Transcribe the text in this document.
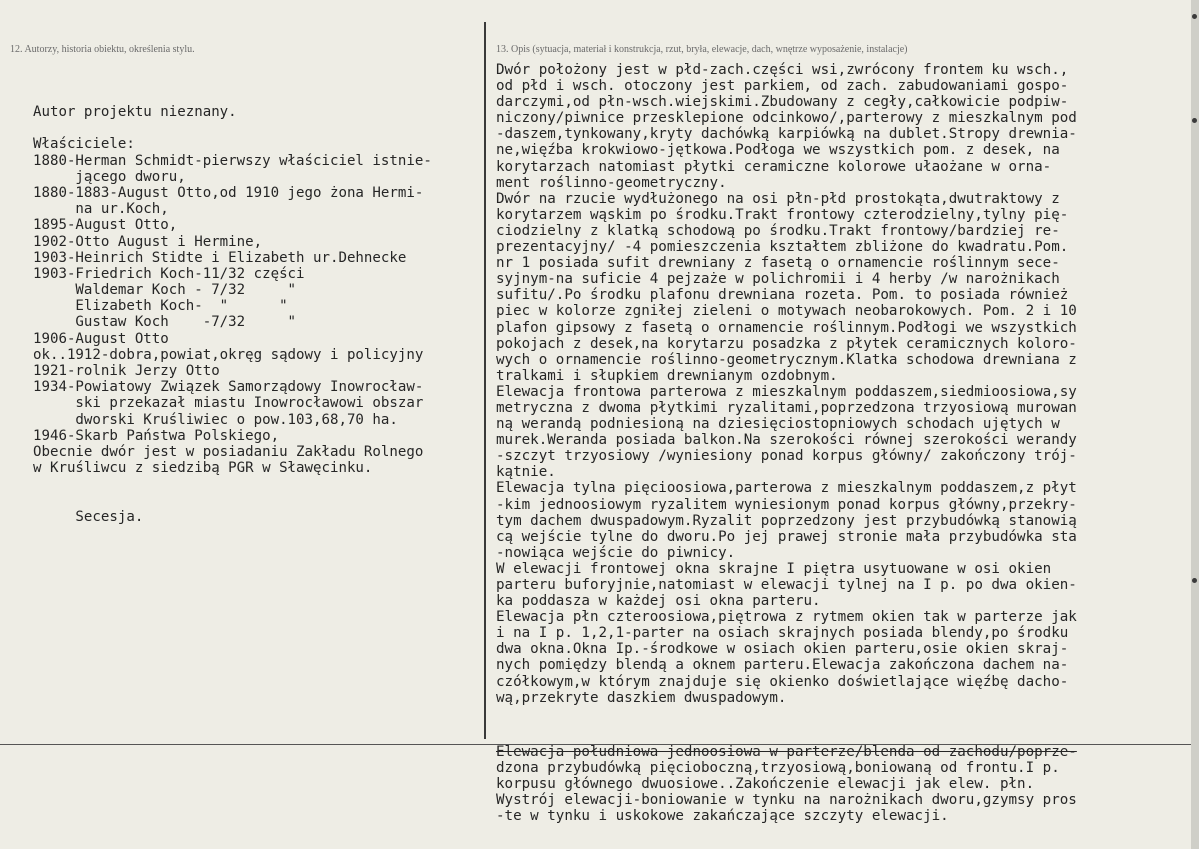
12. Autorzy, historia obiektu, określenia stylu.	13. Opis (sytuacja, materiał i konstrukcja, rzut, bryła, elewacje, dach, wnętrze wyposażenie, instalacje)
Autor projektu nieznany.

Właściciele:
1880-Herman Schmidt-pierwszy właściciel istnie-
jącego dworu,
1880-1883-August Otto,od 1910 jego żona Hermi-
na ur.Koch,
1895-August Otto,
1902-Otto August i Hermine,
1903-Heinrich Stidte i Elizabeth ur.Dehnecke
1903-Friedrich Koch-11/32 części
Waldemar Koch - 7/32     "
Elizabeth Koch-  "      "
Gustaw Koch    -7/32     "
1906-August Otto
ok..1912-dobra,powiat,okręg sądowy i policyjny
1921-rolnik Jerzy Otto
1934-Powiatowy Związek Samorządowy Inowrocław-
ski przekazał miastu Inowrocławowi obszar
dworski Kruśliwiec o pow.103,68,70 ha.
1946-Skarb Państwa Polskiego,
Obecnie dwór jest w posiadaniu Zakładu Rolnego
w Kruśliwcu z siedzibą PGR w Sławęcinku.

Secesja.
Dwór położony jest w płd-zach.części wsi,zwrócony frontem ku wsch.,
od płd i wsch. otoczony jest parkiem, od zach. zabudowaniami gospo-
darczymi,od płn-wsch.wiejskimi.Zbudowany z cegły,całkowicie podpiw-
niczony/piwnice przesklepione odcinkowo/,parterowy z mieszkalnym pod
-daszem,tynkowany,kryty dachówką karpiówką na dublet.Stropy drewnia-
ne,więźba krokwiowo-jętkowa.Podłoga we wszystkich pom. z desek, na
korytarzach natomiast płytki ceramiczne kolorowe ułaożane w orna-
ment roślinno-geometryczny.
Dwór na rzucie wydłużonego na osi płn-płd prostokąta,dwutraktowy z
korytarzem wąskim po środku.Trakt frontowy czterodzielny,tylny pię-
ciodzielny z klatką schodową po środku.Trakt frontowy/bardziej re-
prezentacyjny/ -4 pomieszczenia kształtem zbliżone do kwadratu.Pom.
nr 1 posiada sufit drewniany z fasetą o ornamencie roślinnym sece-
syjnym-na suficie 4 pejzaże w polichromii i 4 herby /w narożnikach
sufitu/.Po środku plafonu drewniana rozeta. Pom. to posiada również
piec w kolorze zgniłej zieleni o motywach neobarokowych. Pom. 2 i 10
plafon gipsowy z fasetą o ornamencie roślinnym.Podłogi we wszystkich
pokojach z desek,na korytarzu posadzka z płytek ceramicznych koloro-
wych o ornamencie roślinno-geometrycznym.Klatka schodowa drewniana z
tralkami i słupkiem drewnianym ozdobnym.
Elewacja frontowa parterowa z mieszkalnym poddaszem,siedmioosiowa,sy
metryczna z dwoma płytkimi ryzalitami,poprzedzona trzyosiową murowan
ną werandą podniesioną na dziesięciostopniowych schodach ujętych w
murek.Weranda posiada balkon.Na szerokości równej szerokości werandy
-szczyt trzyosiowy /wyniesiony ponad korpus główny/ zakończony trój-
kątnie.
Elewacja tylna pięcioosiowa,parterowa z mieszkalnym poddaszem,z płyt
-kim jednoosiowym ryzalitem wyniesionym ponad korpus główny,przekry-
tym dachem dwuspadowym.Ryzalit poprzedzony jest przybudówką stanowią
cą wejście tylne do dworu.Po jej prawej stronie mała przybudówka sta
-nowiąca wejście do piwnicy.
W elewacji frontowej okna skrajne I piętra usytuowane w osi okien
parteru buforyjnie,natomiast w elewacji tylnej na I p. po dwa okien-
ka poddasza w każdej osi okna parteru.
Elewacja płn czteroosiowa,piętrowa z rytmem okien tak w parterze jak
i na I p. 1,2,1-parter na osiach skrajnych posiada blendy,po środku
dwa okna.Okna Ip.-środkowe w osiach okien parteru,osie okien skraj-
nych pomiędzy blendą a oknem parteru.Elewacja zakończona dachem na-
czółkowym,w którym znajduje się okienko doświetlające więźbę dacho-
wą,przekryte daszkiem dwuspadowym.
Elewacja południowa jednoosiowa w parterze/blenda od zachodu/poprze-
dzona przybudówką pięcioboczną,trzyosiową,boniowaną od frontu.I p.
korpusu głównego dwuosiowe..Zakończenie elewacji jak elew. płn.
Wystrój elewacji-boniowanie w tynku na narożnikach dworu,gzymsy pros
-te w tynku i uskokowe zakańczające szczyty elewacji.
